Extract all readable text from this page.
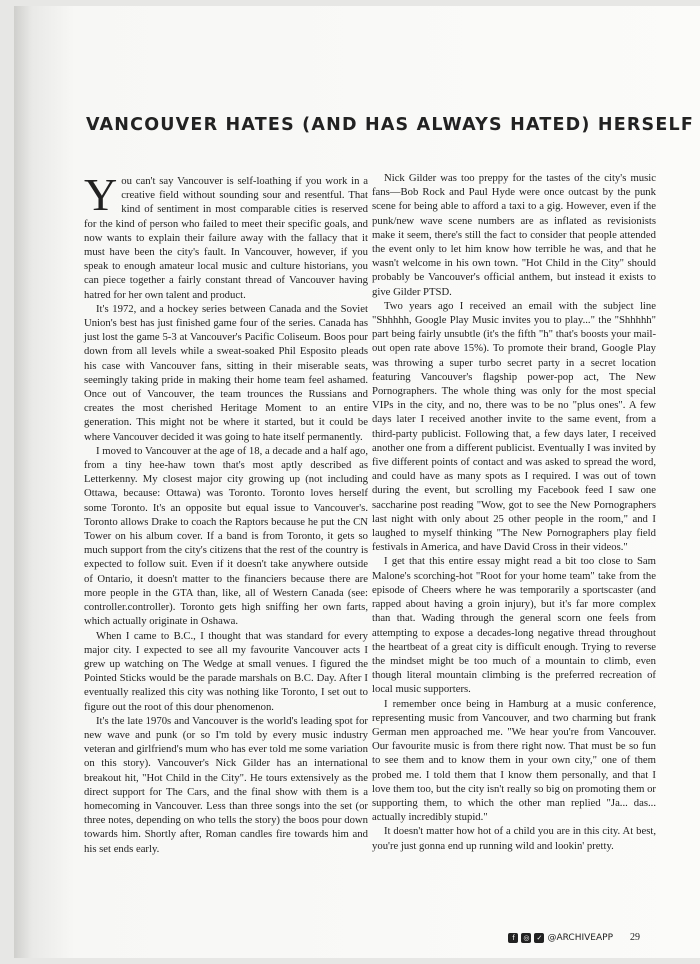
VANCOUVER HATES (AND HAS ALWAYS HATED) HERSELF

You can't say Vancouver is self-loathing if you work in a creative field without sounding sour and resentful. That kind of sentiment in most comparable cities is reserved for the kind of person who failed to meet their specific goals, and now wants to explain their failure away with the fallacy that it must have been the city's fault. In Vancouver, however, if you speak to enough amateur local music and culture historians, you can piece together a fairly constant thread of Vancouver having hatred for her own talent and product.

It's 1972, and a hockey series between Canada and the Soviet Union's best has just finished game four of the series. Canada has just lost the game 5-3 at Vancouver's Pacific Coliseum. Boos pour down from all levels while a sweat-soaked Phil Esposito pleads his case with Vancouver fans, sitting in their miserable seats, seemingly taking pride in making their home team feel ashamed. Once out of Vancouver, the team trounces the Russians and creates the most cherished Heritage Moment to an entire generation. This might not be where it started, but it could be where Vancouver decided it was going to hate itself permanently.

I moved to Vancouver at the age of 18, a decade and a half ago, from a tiny hee-haw town that's most aptly described as Letterkenny. My closest major city growing up (not including Ottawa, because: Ottawa) was Toronto. Toronto loves herself some Toronto. It's an opposite but equal issue to Vancouver's. Toronto allows Drake to coach the Raptors because he put the CN Tower on his album cover. If a band is from Toronto, it gets so much support from the city's citizens that the rest of the country is expected to follow suit. Even if it doesn't take anywhere outside of Ontario, it doesn't matter to the financiers because there are more people in the GTA than, like, all of Western Canada (see: controller.controller). Toronto gets high sniffing her own farts, which actually originate in Oshawa.

When I came to B.C., I thought that was standard for every major city. I expected to see all my favourite Vancouver acts I grew up watching on The Wedge at small venues. I figured the Pointed Sticks would be the parade marshals on B.C. Day. After I eventually realized this city was nothing like Toronto, I set out to figure out the root of this dour phenomenon.

It's the late 1970s and Vancouver is the world's leading spot for new wave and punk (or so I'm told by every music industry veteran and girlfriend's mum who has ever told me some variation on this story). Vancouver's Nick Gilder has an international breakout hit, "Hot Child in the City". He tours extensively as the direct support for The Cars, and the final show with them is a homecoming in Vancouver. Less than three songs into the set (or three notes, depending on who tells the story) the boos pour down towards him. Shortly after, Roman candles fire towards him and his set ends early.

Nick Gilder was too preppy for the tastes of the city's music fans—Bob Rock and Paul Hyde were once outcast by the punk scene for being able to afford a taxi to a gig. However, even if the punk/new wave scene numbers are as inflated as revisionists make it seem, there's still the fact to consider that people attended the event only to let him know how terrible he was, and that he wasn't welcome in his own town. "Hot Child in the City" should probably be Vancouver's official anthem, but instead it exists to give Gilder PTSD.

Two years ago I received an email with the subject line "Shhhhh, Google Play Music invites you to play..." the "Shhhhh" part being fairly unsubtle (it's the fifth "h" that's boosts your mail-out open rate above 15%). To promote their brand, Google Play was throwing a super turbo secret party in a secret location featuring Vancouver's flagship power-pop act, The New Pornographers. The whole thing was only for the most special VIPs in the city, and no, there was to be no "plus ones". A few days later I received another invite to the same event, from a third-party publicist. Following that, a few days later, I received another one from a different publicist. Eventually I was invited by five different points of contact and was asked to spread the word, and could have as many spots as I required. I was out of town during the event, but scrolling my Facebook feed I saw one saccharine post reading "Wow, got to see the New Pornographers last night with only about 25 other people in the room," and I laughed to myself thinking "The New Pornographers play field festivals in America, and have David Cross in their videos."

I get that this entire essay might read a bit too close to Sam Malone's scorching-hot "Root for your home team" take from the episode of Cheers where he was temporarily a sportscaster (and rapped about having a groin injury), but it's far more complex than that. Wading through the general scorn one feels from attempting to expose a decades-long negative thread throughout the heartbeat of a great city is difficult enough. Trying to reverse the mindset might be too much of a mountain to climb, even though literal mountain climbing is the preferred recreation of local music supporters.

I remember once being in Hamburg at a music conference, representing music from Vancouver, and two charming but frank German men approached me. "We hear you're from Vancouver. Our favourite music is from there right now. That must be so fun to see them and to know them in your own city," one of them probed me. I told them that I know them personally, and that I love them too, but the city isn't really so big on promoting them or supporting them, to which the other man replied "Ja... das... actually incredibly stupid."

It doesn't matter how hot of a child you are in this city. At best, you're just gonna end up running wild and lookin' pretty.

f	◎ ✓ @ARCHIVEAPP 29
